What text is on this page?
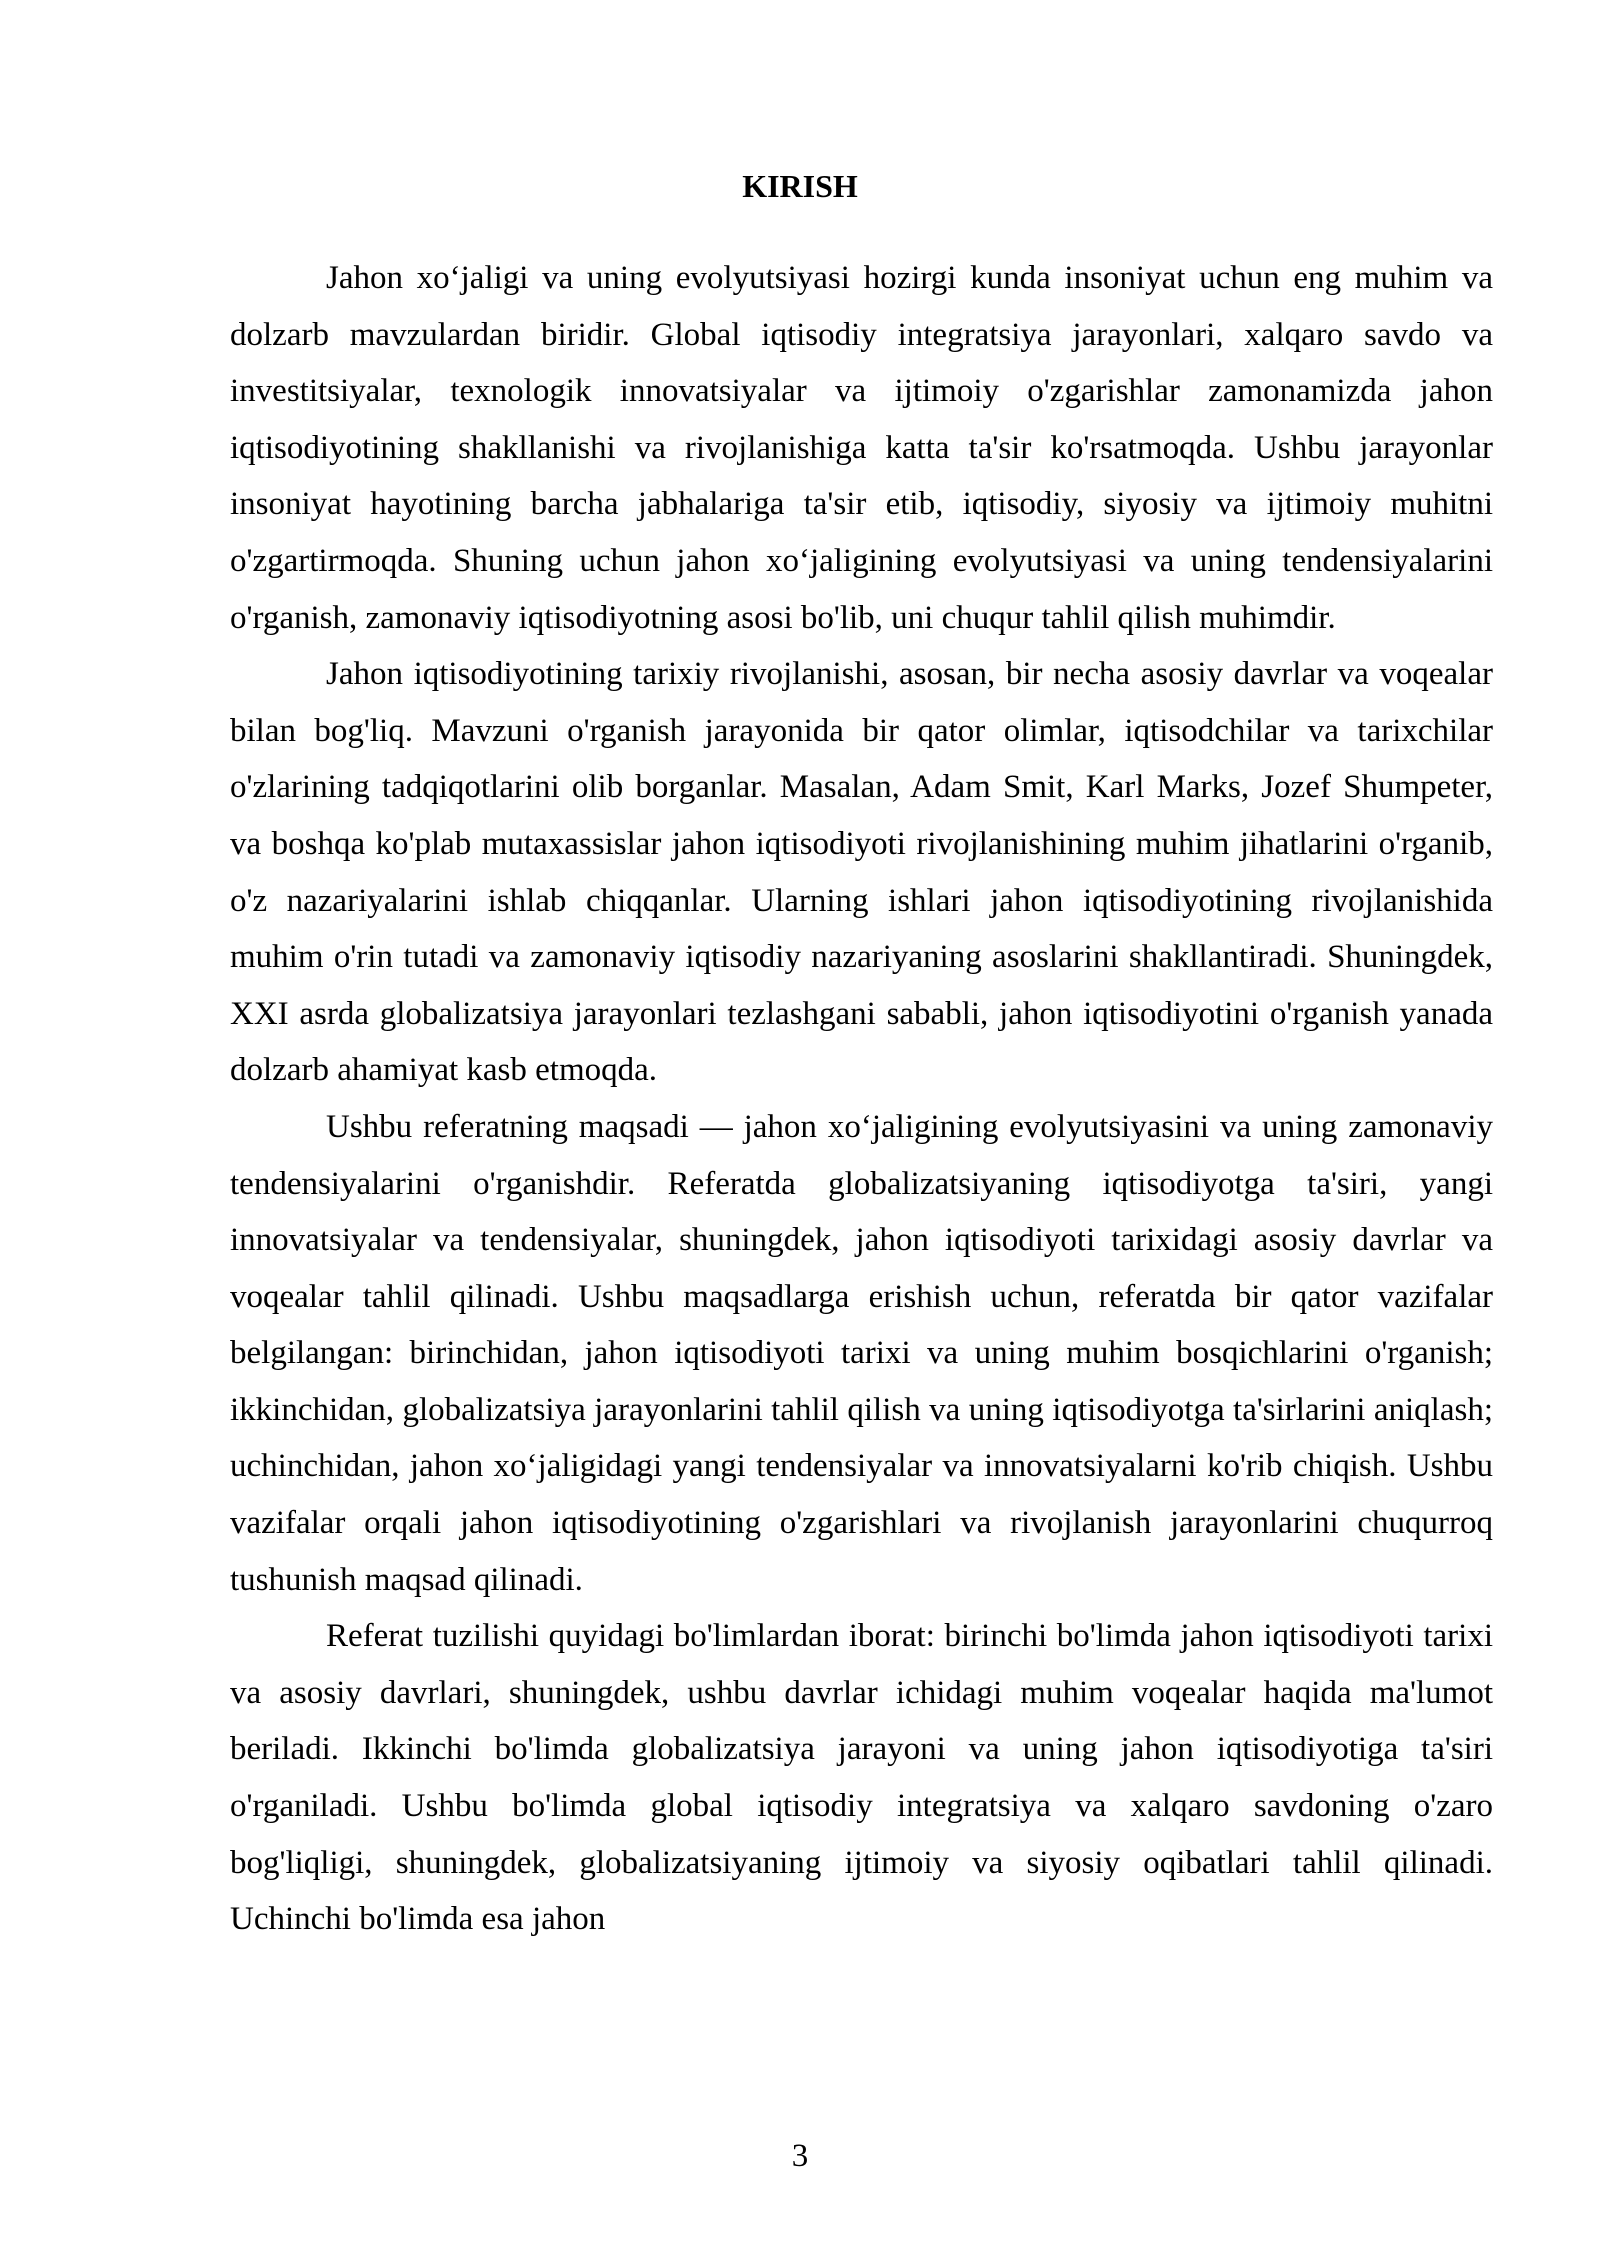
KIRISH

Jahon xo‘jaligi va uning evolyutsiyasi hozirgi kunda insoniyat uchun eng muhim va dolzarb mavzulardan biridir. Global iqtisodiy integratsiya jarayonlari, xalqaro savdo va investitsiyalar, texnologik innovatsiyalar va ijtimoiy o'zgarishlar zamonamizda jahon iqtisodiyotining shakllanishi va rivojlanishiga katta ta'sir ko'rsatmoqda. Ushbu jarayonlar insoniyat hayotining barcha jabhalariga ta'sir etib, iqtisodiy, siyosiy va ijtimoiy muhitni o'zgartirmoqda. Shuning uchun jahon xo‘jaligining evolyutsiyasi va uning tendensiyalarini o'rganish, zamonaviy iqtisodiyotning asosi bo'lib, uni chuqur tahlil qilish muhimdir.

Jahon iqtisodiyotining tarixiy rivojlanishi, asosan, bir necha asosiy davrlar va voqealar bilan bog'liq. Mavzuni o'rganish jarayonida bir qator olimlar, iqtisodchilar va tarixchilar o'zlarining tadqiqotlarini olib borganlar. Masalan, Adam Smit, Karl Marks, Jozef Shumpeter, va boshqa ko'plab mutaxassislar jahon iqtisodiyoti rivojlanishining muhim jihatlarini o'rganib, o'z nazariyalarini ishlab chiqqanlar. Ularning ishlari jahon iqtisodiyotining rivojlanishida muhim o'rin tutadi va zamonaviy iqtisodiy nazariyaning asoslarini shakllantiradi. Shuningdek, XXI asrda globalizatsiya jarayonlari tezlashgani sababli, jahon iqtisodiyotini o'rganish yanada dolzarb ahamiyat kasb etmoqda.

Ushbu referatning maqsadi — jahon xo‘jaligining evolyutsiyasini va uning zamonaviy tendensiyalarini o'rganishdir. Referatda globalizatsiyaning iqtisodiyotga ta'siri, yangi innovatsiyalar va tendensiyalar, shuningdek, jahon iqtisodiyoti tarixidagi asosiy davrlar va voqealar tahlil qilinadi. Ushbu maqsadlarga erishish uchun, referatda bir qator vazifalar belgilangan: birinchidan, jahon iqtisodiyoti tarixi va uning muhim bosqichlarini o'rganish; ikkinchidan, globalizatsiya jarayonlarini tahlil qilish va uning iqtisodiyotga ta'sirlarini aniqlash; uchinchidan, jahon xo‘jaligidagi yangi tendensiyalar va innovatsiyalarni ko'rib chiqish. Ushbu vazifalar orqali jahon iqtisodiyotining o'zgarishlari va rivojlanish jarayonlarini chuqurroq tushunish maqsad qilinadi.

Referat tuzilishi quyidagi bo'limlardan iborat: birinchi bo'limda jahon iqtisodiyoti tarixi va asosiy davrlari, shuningdek, ushbu davrlar ichidagi muhim voqealar haqida ma'lumot beriladi. Ikkinchi bo'limda globalizatsiya jarayoni va uning jahon iqtisodiyotiga ta'siri o'rganiladi. Ushbu bo'limda global iqtisodiy integratsiya va xalqaro savdoning o'zaro bog'liqligi, shuningdek, globalizatsiyaning ijtimoiy va siyosiy oqibatlari tahlil qilinadi. Uchinchi bo'limda esa jahon

3
